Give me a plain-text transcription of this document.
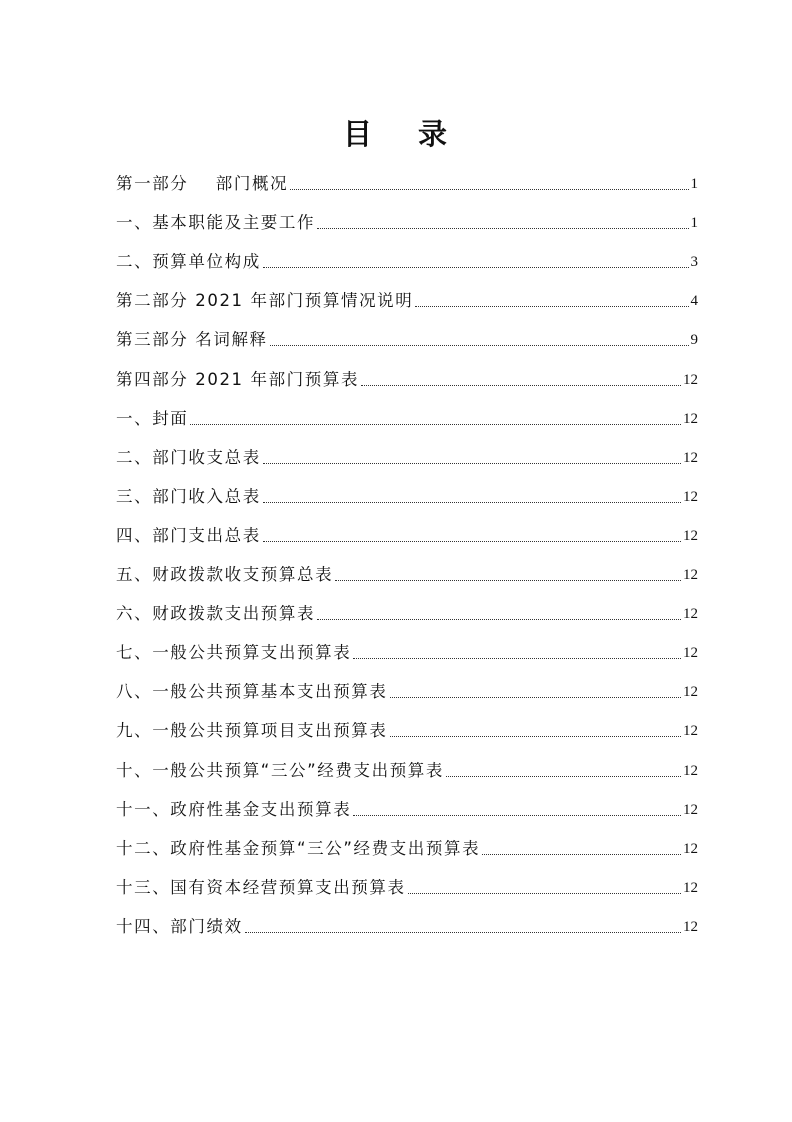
目 录
第一部分    部门概况	1
一、基本职能及主要工作	1
二、预算单位构成	3
第二部分 2021 年部门预算情况说明	4
第三部分 名词解释	9
第四部分 2021 年部门预算表	12
一、封面	12
二、部门收支总表	12
三、部门收入总表	12
四、部门支出总表	12
五、财政拨款收支预算总表	12
六、财政拨款支出预算表	12
七、一般公共预算支出预算表	12
八、一般公共预算基本支出预算表	12
九、一般公共预算项目支出预算表	12
十、一般公共预算“三公”经费支出预算表	12
十一、政府性基金支出预算表	12
十二、政府性基金预算“三公”经费支出预算表	12
十三、国有资本经营预算支出预算表	12
十四、部门绩效	12
